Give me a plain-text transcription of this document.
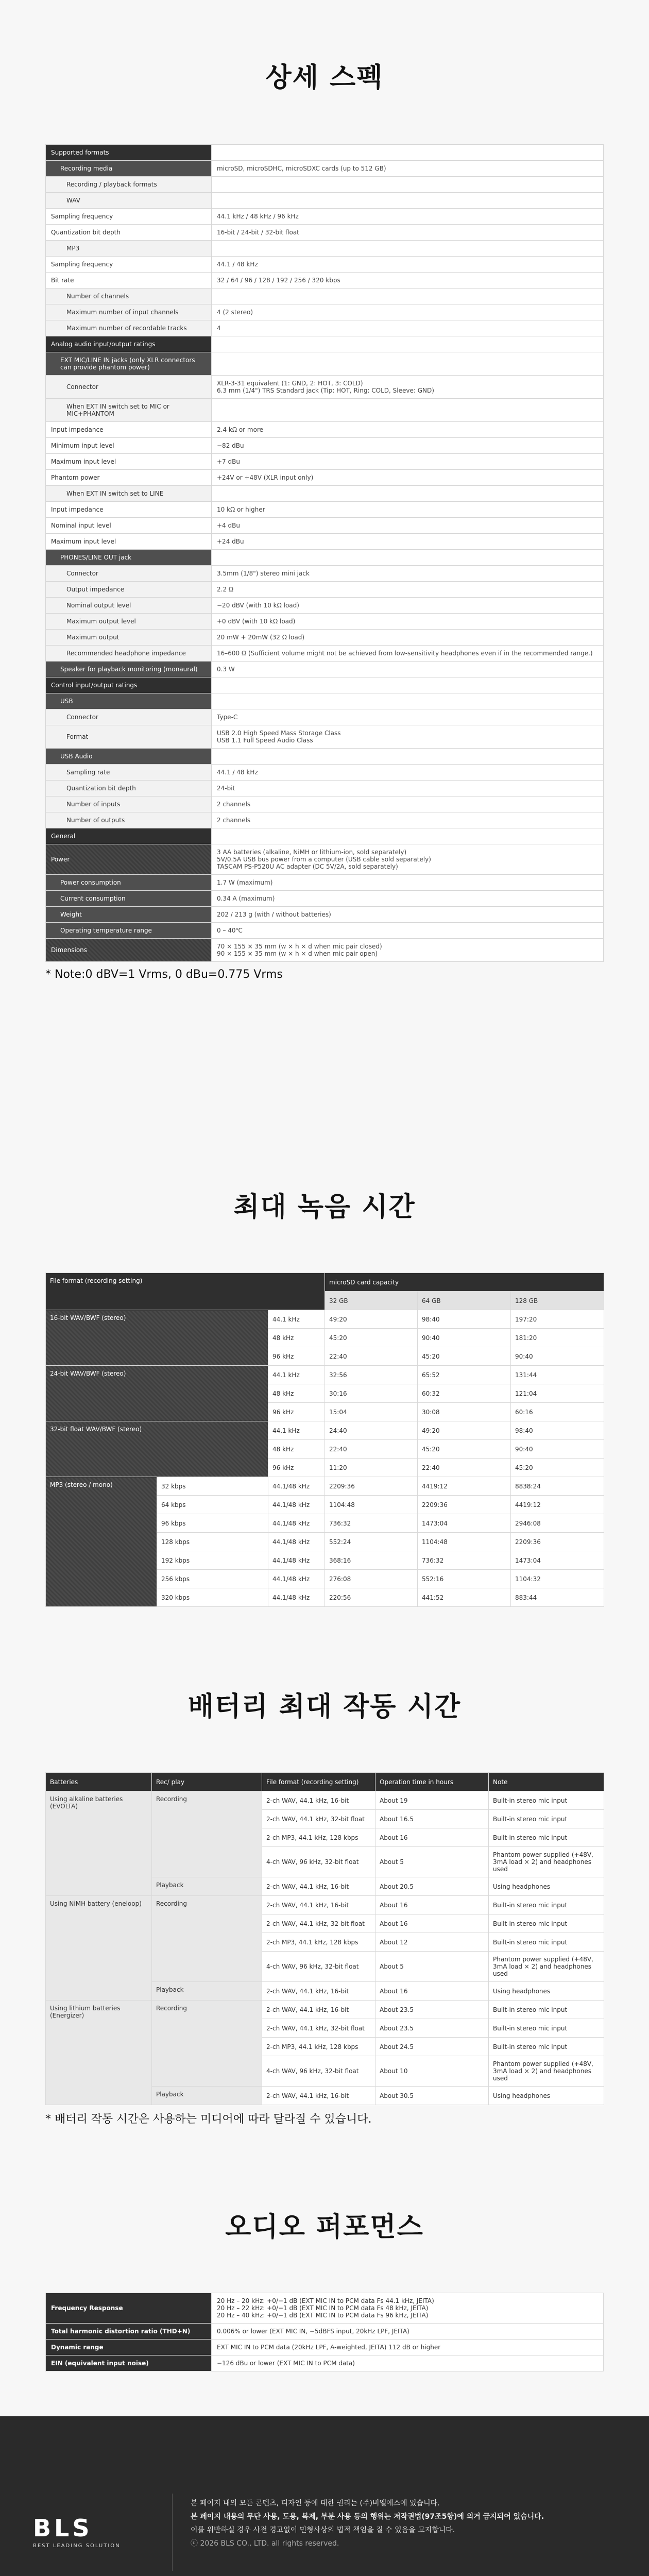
상세 스펙
최대 녹음 시간
배터리 최대 작동 시간
오디오 퍼포먼스
Supported formats	
Recording media	microSD, microSDHC, microSDXC cards (up to 512 GB)
Recording / playback formats	
WAV	
Sampling frequency	44.1 kHz / 48 kHz / 96 kHz
Quantization bit depth	16-bit / 24-bit / 32-bit float
MP3	
Sampling frequency	44.1 / 48 kHz
Bit rate	32 / 64 / 96 / 128 / 192 / 256 / 320 kbps
Number of channels	
Maximum number of input channels	4 (2 stereo)
Maximum number of recordable tracks	4
Analog audio input/output ratings	
EXT MIC/LINE IN jacks (only XLR connectors can provide phantom power)	
Connector	XLR-3-31 equivalent (1: GND, 2: HOT, 3: COLD)
6.3 mm (1/4") TRS Standard jack (Tip: HOT, Ring: COLD, Sleeve: GND)
When EXT IN switch set to MIC or MIC+PHANTOM	
Input impedance	2.4 kΩ or more
Minimum input level	−82 dBu
Maximum input level	+7 dBu
Phantom power	+24V or +48V (XLR input only)
When EXT IN switch set to LINE	
Input impedance	10 kΩ or higher
Nominal input level	+4 dBu
Maximum input level	+24 dBu
PHONES/LINE OUT jack	
Connector	3.5mm (1/8") stereo mini jack
Output impedance	2.2 Ω
Nominal output level	−20 dBV (with 10 kΩ load)
Maximum output level	+0 dBV (with 10 kΩ load)
Maximum output	20 mW + 20mW (32 Ω load)
Recommended headphone impedance	16–600 Ω (Sufficient volume might not be achieved from low-sensitivity headphones even if in the recommended range.)
Speaker for playback monitoring (monaural)	0.3 W
Control input/output ratings	
USB	
Connector	Type-C
Format	USB 2.0 High Speed Mass Storage Class
USB 1.1 Full Speed Audio Class
USB Audio	
Sampling rate	44.1 / 48 kHz
Quantization bit depth	24-bit
Number of inputs	2 channels
Number of outputs	2 channels
General	
Power	3 AA batteries (alkaline, NiMH or lithium-ion, sold separately)
5V/0.5A USB bus power from a computer (USB cable sold separately)
TASCAM PS-P520U AC adapter (DC 5V/2A, sold separately)
Power consumption	1.7 W (maximum)
Current consumption	0.34 A (maximum)
Weight	202 / 213 g (with / without batteries)
Operating temperature range	0 – 40℃
Dimensions	70 × 155 × 35 mm (w × h × d when mic pair closed)
90 × 155 × 35 mm (w × h × d when mic pair open)
* Note:0 dBV=1 Vrms, 0 dBu=0.775 Vrms
File format (recording setting)			microSD card capacity		
			32 GB	64 GB	128 GB
16-bit WAV/BWF (stereo)		44.1 kHz	49:20	98:40	197:20
		48 kHz	45:20	90:40	181:20
		96 kHz	22:40	45:20	90:40
24-bit WAV/BWF (stereo)		44.1 kHz	32:56	65:52	131:44
		48 kHz	30:16	60:32	121:04
		96 kHz	15:04	30:08	60:16
32-bit float WAV/BWF (stereo)		44.1 kHz	24:40	49:20	98:40
		48 kHz	22:40	45:20	90:40
		96 kHz	11:20	22:40	45:20
MP3 (stereo / mono)	32 kbps	44.1/48 kHz	2209:36	4419:12	8838:24
	64 kbps	44.1/48 kHz	1104:48	2209:36	4419:12
	96 kbps	44.1/48 kHz	736:32	1473:04	2946:08
	128 kbps	44.1/48 kHz	552:24	1104:48	2209:36
	192 kbps	44.1/48 kHz	368:16	736:32	1473:04
	256 kbps	44.1/48 kHz	276:08	552:16	1104:32
	320 kbps	44.1/48 kHz	220:56	441:52	883:44
Batteries	Rec/ play	File format (recording setting)	Operation time in hours	Note
Using alkaline batteries (EVOLTA)	Recording	2-ch WAV, 44.1 kHz, 16-bit	About 19	Built-in stereo mic input
		2-ch WAV, 44.1 kHz, 32-bit float	About 16.5	Built-in stereo mic input
		2-ch MP3, 44.1 kHz, 128 kbps	About 16	Built-in stereo mic input
		4-ch WAV, 96 kHz, 32-bit float	About 5	Phantom power supplied (+48V, 3mA load × 2) and headphones used
	Playback	2-ch WAV, 44.1 kHz, 16-bit	About 20.5	Using headphones
Using NiMH battery (eneloop)	Recording	2-ch WAV, 44.1 kHz, 16-bit	About 16	Built-in stereo mic input
		2-ch WAV, 44.1 kHz, 32-bit float	About 16	Built-in stereo mic input
		2-ch MP3, 44.1 kHz, 128 kbps	About 12	Built-in stereo mic input
		4-ch WAV, 96 kHz, 32-bit float	About 5	Phantom power supplied (+48V, 3mA load × 2) and headphones used
	Playback	2-ch WAV, 44.1 kHz, 16-bit	About 16	Using headphones
Using lithium batteries (Energizer)	Recording	2-ch WAV, 44.1 kHz, 16-bit	About 23.5	Built-in stereo mic input
		2-ch WAV, 44.1 kHz, 32-bit float	About 23.5	Built-in stereo mic input
		2-ch MP3, 44.1 kHz, 128 kbps	About 24.5	Built-in stereo mic input
		4-ch WAV, 96 kHz, 32-bit float	About 10	Phantom power supplied (+48V, 3mA load × 2) and headphones used
	Playback	2-ch WAV, 44.1 kHz, 16-bit	About 30.5	Using headphones
* 배터리 작동 시간은 사용하는 미디어에 따라 달라질 수 있습니다.
Frequency Response	20 Hz – 20 kHz: +0/−1 dB (EXT MIC IN to PCM data Fs 44.1 kHz, JEITA)
20 Hz – 22 kHz: +0/−1 dB (EXT MIC IN to PCM data Fs 48 kHz, JEITA)
20 Hz – 40 kHz: +0/−1 dB (EXT MIC IN to PCM data Fs 96 kHz, JEITA)
Total harmonic distortion ratio (THD+N)	0.006% or lower (EXT MIC IN, −5dBFS input, 20kHz LPF, JEITA)
Dynamic range	EXT MIC IN to PCM data (20kHz LPF, A-weighted, JEITA) 112 dB or higher
EIN (equivalent input noise)	−126 dBu or lower (EXT MIC IN to PCM data)
BLS
BEST LEADING SOLUTION
본 페이지 내의 모든 콘텐츠, 디자인 등에 대한 권리는 (주)비엘에스에 있습니다.
본 페이지 내용의 무단 사용, 도용, 복제, 부분 사용 등의 행위는 저작권법(97조5항)에 의거 금지되어 있습니다.
이를 위반하실 경우 사전 경고없이 민형사상의 법적 책임을 질 수 있음을 고지합니다.
ⓒ 2026 BLS CO., LTD. all rights reserved.
